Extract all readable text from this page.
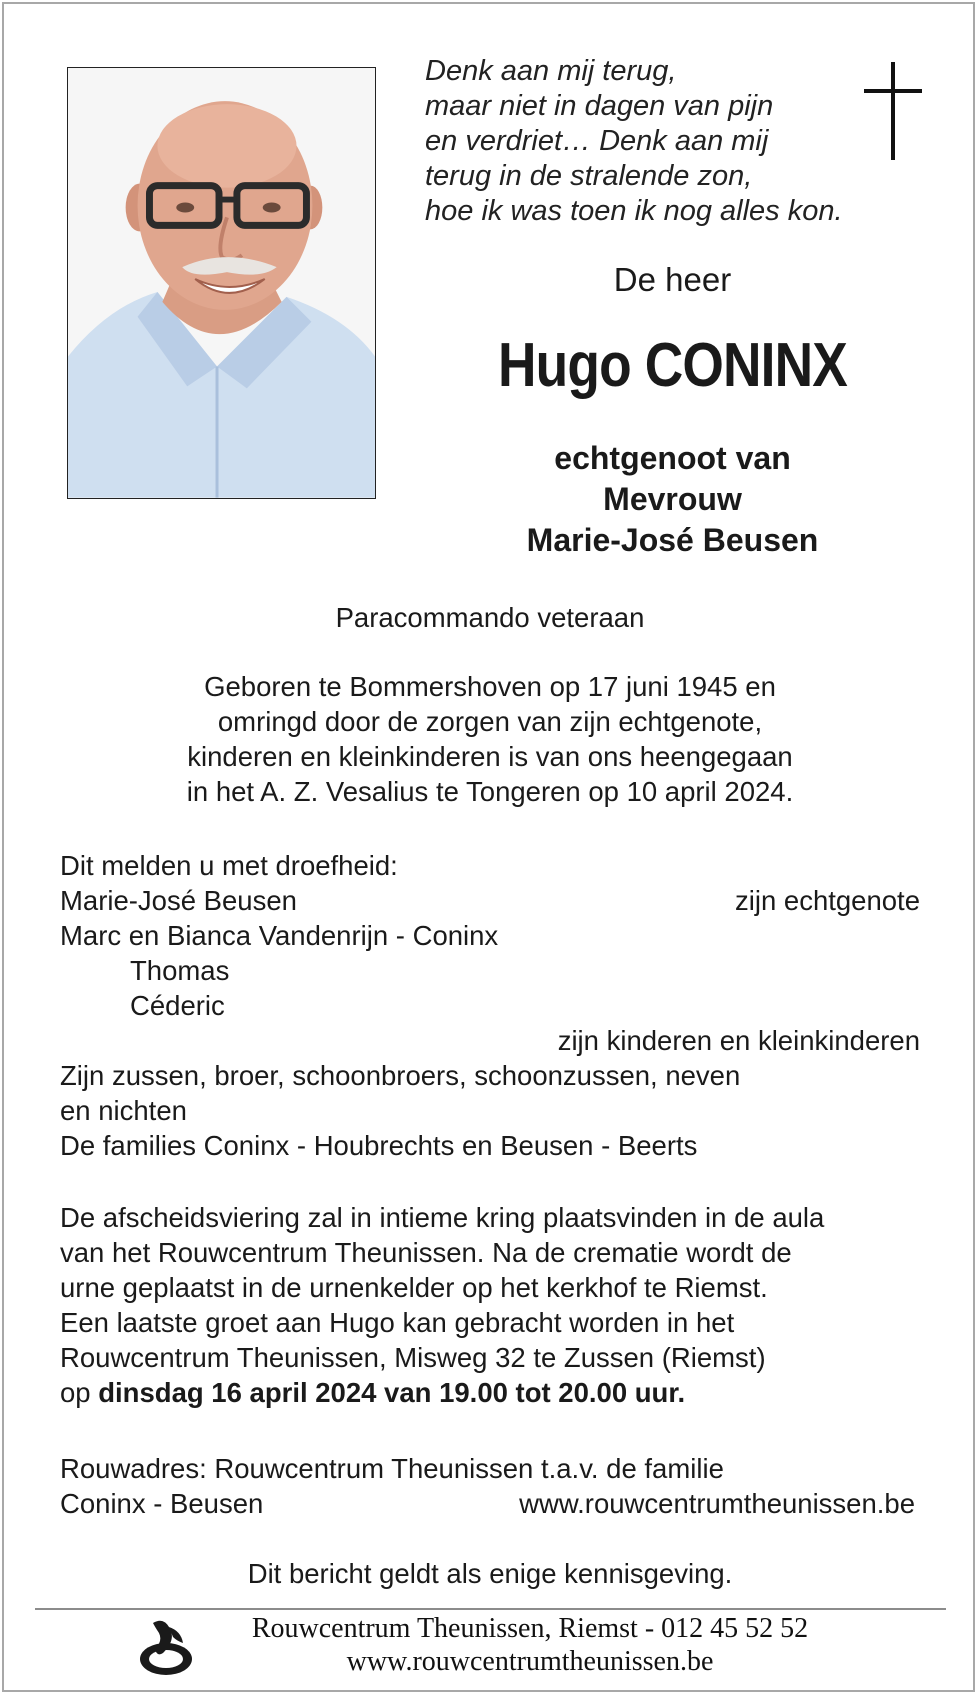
Denk aan mij terug,
maar niet in dagen van pijn
en verdriet… Denk aan mij
terug in de stralende zon,
hoe ik was toen ik nog alles kon.
De heer
Hugo CONINX
echtgenoot van
Mevrouw
Marie-José Beusen
Paracommando veteraan
Geboren te Bommershoven op 17 juni 1945 en
omringd door de zorgen van zijn echtgenote,
kinderen en kleinkinderen is van ons heengegaan
in het A. Z. Vesalius te Tongeren op 10 april 2024.
Dit melden u met droefheid:
Marie-José Beusen	zijn echtgenote
Marc en Bianca Vandenrijn - Coninx
Thomas
Céderic
zijn kinderen en kleinkinderen
Zijn zussen, broer, schoonbroers, schoonzussen, neven
en nichten
De families Coninx - Houbrechts en Beusen - Beerts
De afscheidsviering zal in intieme kring plaatsvinden in de aula
van het Rouwcentrum Theunissen. Na de crematie wordt de
urne geplaatst in de urnenkelder op het kerkhof te Riemst.
Een laatste groet aan Hugo kan gebracht worden in het
Rouwcentrum Theunissen, Misweg 32 te Zussen (Riemst)
op dinsdag 16 april 2024 van 19.00 tot 20.00 uur.
Rouwadres: Rouwcentrum Theunissen t.a.v. de familie
Coninx - Beusen	www.rouwcentrumtheunissen.be
Dit bericht geldt als enige kennisgeving.
Rouwcentrum Theunissen, Riemst - 012 45 52 52
www.rouwcentrumtheunissen.be
